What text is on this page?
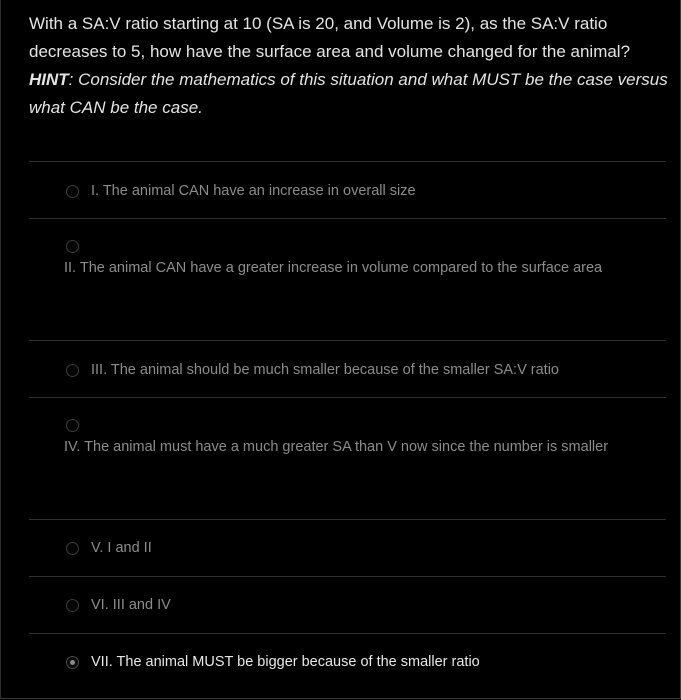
With a SA:V ratio starting at 10 (SA is 20, and Volume is 2), as the SA:V ratio decreases to 5, how have the surface area and volume changed for the animal? HINT: Consider the mathematics of this situation and what MUST be the case versus what CAN be the case.
I. The animal CAN have an increase in overall size
II. The animal CAN have a greater increase in volume compared to the surface area
III. The animal should be much smaller because of the smaller SA:V ratio
IV. The animal must have a much greater SA than V now since the number is smaller
V. I and II
VI. III and IV
VII. The animal MUST be bigger because of the smaller ratio
